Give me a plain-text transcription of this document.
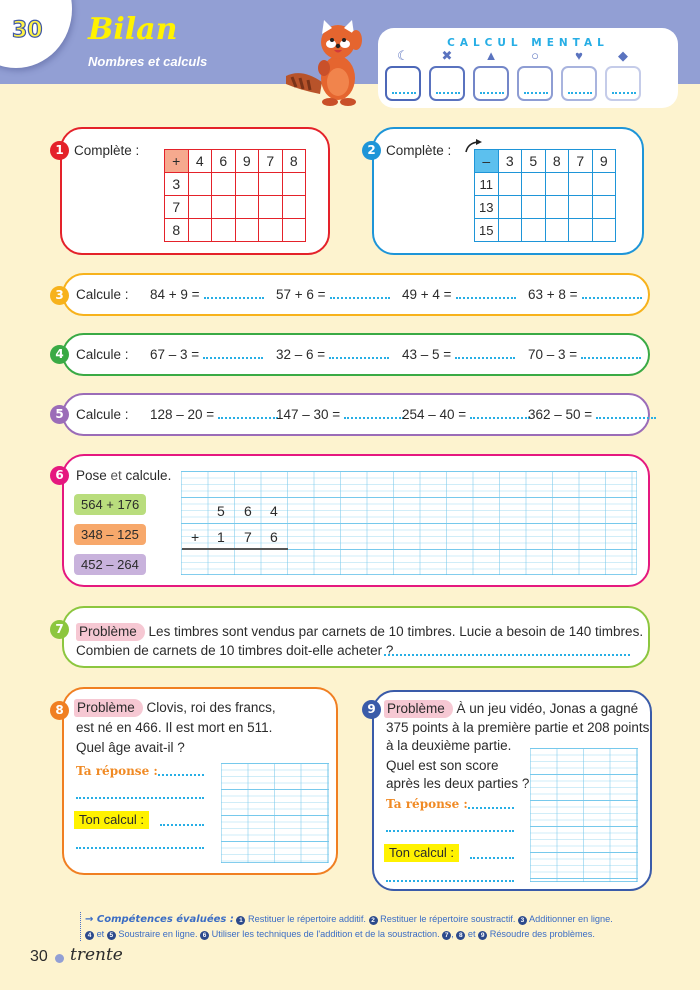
30 Bilan
Nombres et calculs
CALCUL MENTAL
☾	✖	▲	○	♥	◆
Complète :
+	4	6	9	7	8
3					
7					
8					
1	Complète :
–	3	5	8	7	9
11					
13					
15					
2
Calcule : 84 + 9 =	57 + 6 =	49 + 4 =	63 + 8 =
3
Calcule : 67 – 3 =	32 – 6 =	43 – 5 =	70 – 3 =
4
Calcule : 128 – 20 =	147 – 30 =	254 – 40 =	362 – 50 =
5
Pose et calcule.
564 + 176
348 – 125
452 – 264
5 6 4
+ 1 7 6
6
Problème Les timbres sont vendus par carnets de 10 timbres. Lucie a besoin de 140 timbres.
Combien de carnets de 10 timbres doit-elle acheter ?
7
Problème Clovis, roi des francs,
est né en 466. Il est mort en 511.
Quel âge avait-il ?
Ta réponse :
Ton calcul :
8	Problème À un jeu vidéo, Jonas a gagné
375 points à la première partie et 208 points
à la deuxième partie.
Quel est son score
après les deux parties ?
Ta réponse :
Ton calcul :
9
→ Compétences évaluées : 1 Restituer le répertoire additif. 2 Restituer le répertoire soustractif. 3 Additionner en ligne.
4 et 5 Soustraire en ligne. 6 Utiliser les techniques de l'addition et de la soustraction. 7 , 8 et 9 Résoudre des problèmes.
30 trente
